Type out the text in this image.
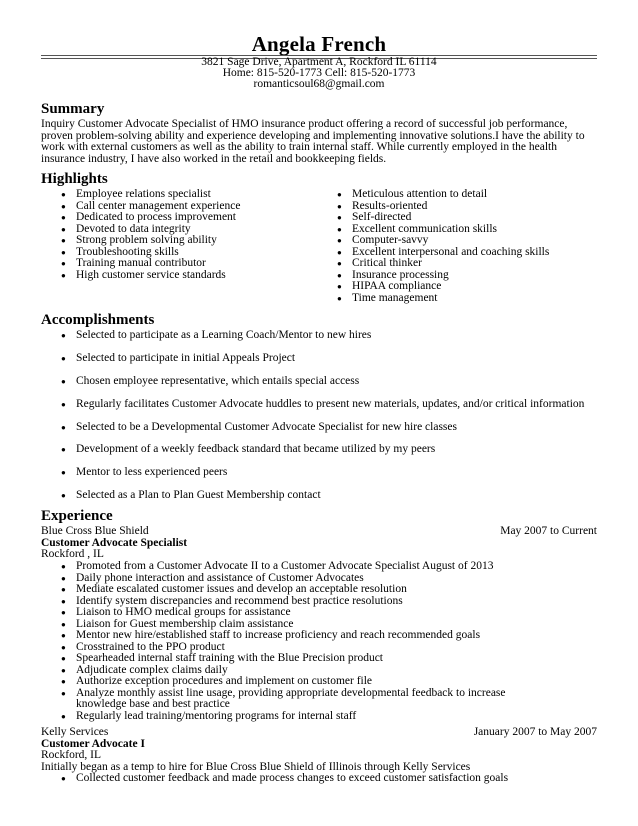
Angela French
3821 Sage Drive, Apartment A, Rockford IL 61114
Home: 815-520-1773 Cell: 815-520-1773
romanticsoul68@gmail.com
Summary
Inquiry Customer Advocate Specialist of HMO insurance product offering a record of successful job performance,
proven problem-solving ability and experience developing and implementing innovative solutions.I have the ability to
work with external customers as well as the ability to train internal staff. While currently employed in the health
insurance industry, I have also worked in the retail and bookkeeping fields.
Highlights
● Employee relations specialist
● Call center management experience
● Dedicated to process improvement
● Devoted to data integrity
● Strong problem solving ability
● Troubleshooting skills
● Training manual contributor
● High customer service standards
● Meticulous attention to detail
● Results-oriented
● Self-directed
● Excellent communication skills
● Computer-savvy
● Excellent interpersonal and coaching skills
● Critical thinker
● Insurance processing
● HIPAA compliance
● Time management
Accomplishments
● Selected to participate as a Learning Coach/Mentor to new hires
● Selected to participate in initial Appeals Project
● Chosen employee representative, which entails special access
● Regularly facilitates Customer Advocate huddles to present new materials, updates, and/or critical information
● Selected to be a Developmental Customer Advocate Specialist for new hire classes
● Development of a weekly feedback standard that became utilized by my peers
● Mentor to less experienced peers
● Selected as a Plan to Plan Guest Membership contact
Experience
Blue Cross Blue Shield	May 2007 to Current
Customer Advocate Specialist
Rockford , IL
● Promoted from a Customer Advocate II to a Customer Advocate Specialist August of 2013
● Daily phone interaction and assistance of Customer Advocates
● Mediate escalated customer issues and develop an acceptable resolution
● Identify system discrepancies and recommend best practice resolutions
● Liaison to HMO medical groups for assistance
● Liaison for Guest membership claim assistance
● Mentor new hire/established staff to increase proficiency and reach recommended goals
● Crosstrained to the PPO product
● Spearheaded internal staff training with the Blue Precision product
● Adjudicate complex claims daily
● Authorize exception procedures and implement on customer file
● Analyze monthly assist line usage, providing appropriate developmental feedback to increase knowledge base and best practice
● Regularly lead training/mentoring programs for internal staff
Kelly Services	January 2007 to May 2007
Customer Advocate I
Rockford, IL
Initially began as a temp to hire for Blue Cross Blue Shield of Illinois through Kelly Services
● Collected customer feedback and made process changes to exceed customer satisfaction goals
